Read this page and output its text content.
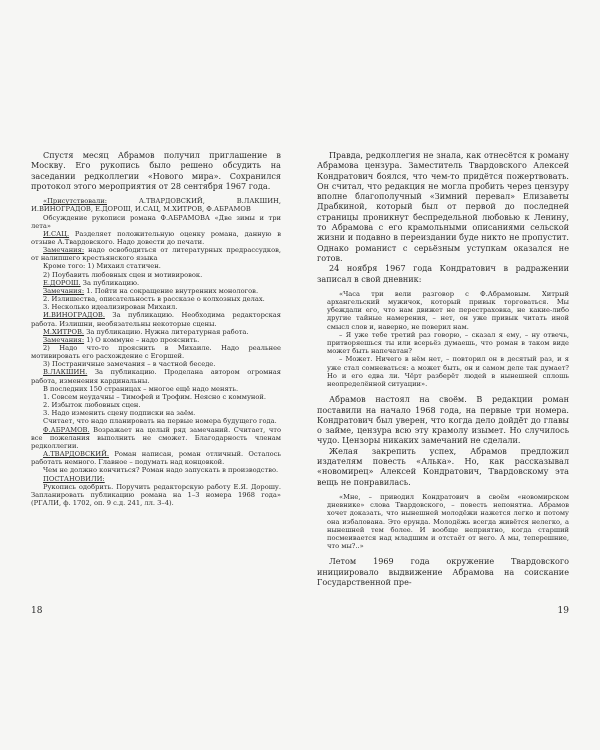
Спустя месяц Абрамов получил приглашение в Москву. Его рукопись было решено обсудить на заседании редколлегии «Нового мира». Сохранился протокол этого мероприятия от 28 сентября 1967 года.

«Присутствовали: А.ТВАРДОВСКИЙ, В.ЛАКШИН, И.ВИНОГРАДОВ, Е.ДОРОШ, И.САЦ, М.ХИТРОВ, Ф.АБРАМОВ

Обсуждение рукописи романа Ф.АБРАМОВА «Две зимы и три лета»

И.САЦ. Разделяет положительную оценку романа, данную в отзыве А.Твардовского. Надо довести до печати.

Замечания: надо освободиться от литературных предрассудков, от налипшего крестьянского языка

Кроме того: 1) Михаил статичен.

2) Поубавить любовных сцен и мотивировок.

Е.ДОРОШ. За публикацию.

Замечания: 1. Пойти на сокращение внутренних монологов.

2. Излишества, описательность в рассказе о колхозных делах.

3. Несколько идеализирован Михаил.

И.ВИНОГРАДОВ. За публикацию. Необходима редакторская работа. Излишни, необязательны некоторые сцены.

М.ХИТРОВ. За публикацию. Нужна литературная работа.

Замечания: 1) О коммуне – надо прояснить.

2) Надо что-то прояснить в Михаиле. Надо реальнее мотивировать его расхождение с Егоршей.

3) Постраничные замечания – в частной беседе.

В.ЛАКШИН. За публикацию. Проделана автором огромная работа, изменения кардинальны.

В последних 150 страницах – многое ещё надо менять.

1. Совсем неудачны – Тимофей и Трофим. Неясно с коммуной.

2. Избыток любовных сцен.

3. Надо изменить сцену подписки на заём.

Считает, что надо планировать на первые номера будущего года.

Ф.АБРАМОВ. Возражает на целый ряд замечаний. Считает, что все пожелания выполнить не сможет. Благодарность членам редколлегии.

А.ТВАРДОВСКИЙ. Роман написан, роман отличный. Осталось работать немного. Главное – подумать над концовкой.

Чем не должно кончиться? Роман надо запускать в производство.

ПОСТАНОВИЛИ:

Рукопись одобрить. Поручить редакторскую работу Е.Я. Дорошу. Запланировать публикацию романа на 1–3 номера 1968 года» (РГАЛИ, ф. 1702, оп. 9 с.д. 241, лл. 3–4).

18

Правда, редколлегия не знала, как отнесётся к роману Абрамова цензура. Заместитель Твардовского Алексей Кондратович боялся, что чем-то придётся пожертвовать. Он считал, что редакция не могла пробить через цензуру вполне благополучный «Зимний перевал» Елизаветы Драбкиной, который был от первой до последней страницы проникнут беспредельной любовью к Ленину, то Абрамова с его крамольными описаниями сельской жизни и подавно в переиздании буде никто не пропустит. Однако романист с серьёзным уступкам оказался не готов.

24 ноября 1967 года Кондратович в радражении записал в свой дневник:

«Часа три вели разговор с Ф.Абрамовым. Хитрый архангельский мужичок, который привык торговаться. Мы убеждали его, что нам движет не перестраховка, не какие-либо другие тайные намерения, – нет, он уже привык читать иной смысл слов и, наверно, не поверил нам.

– Я уже тебе третий раз говорю, – сказал я ему, – ну отвечь, притворяешься ты или всерьёз думаешь, что роман в таком виде может быть напечатан?

– Может. Ничего в нём нет, – повторил он в десятый раз, и я уже стал сомневаться: а может быть, он и самом деле так думает? Но и его едва ли. Чёрт разберёт людей в нынешней сплошь неопределённой ситуации».

Абрамов настоял на своём. В редакции роман поставили на начало 1968 года, на первые три номера. Кондратович был уверен, что когда дело дойдёт до главы о займе, цензура всю эту крамолу изымет. Но случилось чудо. Цензоры никаких замечаний не сделали.

Желая закрепить успех, Абрамов предложил издателям повесть «Алька». Но, как рассказывал «новомирец» Алексей Кондратович, Твардовскому эта вещь не понравилась.

«Мне, – приводил Кондратович в своём «новомирском дневнике» слова Твардовского, – повесть непонятна. Абрамов хочет доказать, что нынешней молодёжи нажется легко и потому она избалована. Это ерунда. Молодёжь всегда живётся нелегко, а нынешней тем более. И вообще неприятно, когда старший посмеивается над младшим и отстаёт от него. А мы, теперешние, что мы?..»

Летом 1969 года окружение Твардовского инициировало выдвижение Абрамова на соискание Государственной пре-

19
